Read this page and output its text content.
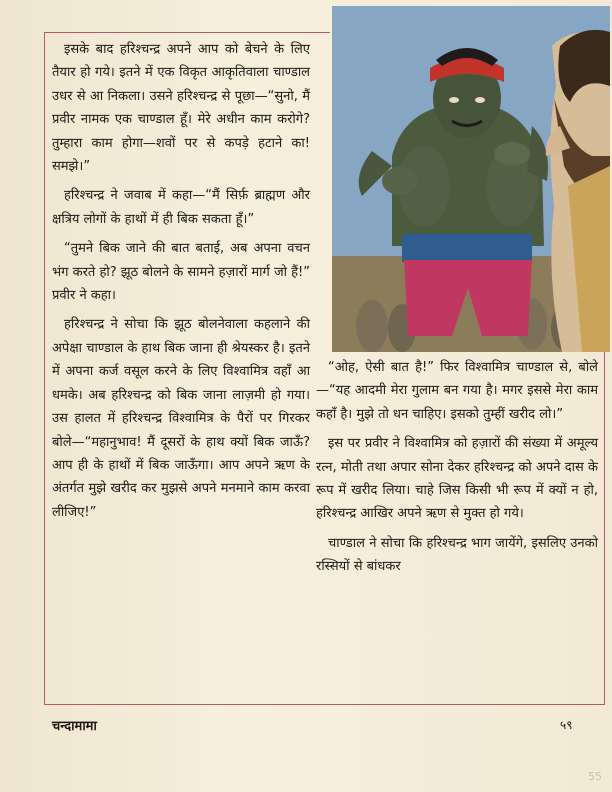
इसके बाद हरिश्चन्द्र अपने आप को बेचने के लिए तैयार हो गये। इतने में एक विकृत आकृतिवाला चाण्डाल उधर से आ निकला। उसने हरिश्चन्द्र से पूछा—“सुनो, मैं प्रवीर नामक एक चाण्डाल हूँ। मेरे अधीन काम करोगे? तुम्हारा काम होगा—शवों पर से कपड़े हटाने का! समझे।”

हरिश्चन्द्र ने जवाब में कहा—“मैं सिर्फ़ ब्राह्मण और क्षत्रिय लोगों के हाथों में ही बिक सकता हूँ।”

“तुमने बिक जाने की बात बताई, अब अपना वचन भंग करते हो? झूठ बोलने के सामने हज़ारों मार्ग जो हैं!” प्रवीर ने कहा।

हरिश्चन्द्र ने सोचा कि झूठ बोलनेवाला कहलाने की अपेक्षा चाण्डाल के हाथ बिक जाना ही श्रेयस्कर है। इतने में अपना कर्ज वसूल करने के लिए विश्वामित्र वहाँ आ धमके। अब हरिश्चन्द्र को बिक जाना लाज़मी हो गया। उस हालत में हरिश्चन्द्र विश्वामित्र के पैरों पर गिरकर बोले—“महानुभाव! मैं दूसरों के हाथ क्यों बिक जाऊँ? आप ही के हाथों में बिक जाऊँगा। आप अपने ऋण के अंतर्गत मुझे खरीद कर मुझसे अपने मनमाने काम करवा लीजिए!”

“ओह, ऐसी बात है!” फिर विश्वामित्र चाण्डाल से, बोले—“यह आदमी मेरा गुलाम बन गया है। मगर इससे मेरा काम कहाँ है। मुझे तो धन चाहिए। इसको तुम्हीं खरीद लो।”

इस पर प्रवीर ने विश्वामित्र को हज़ारों की संख्या में अमूल्य रत्न, मोती तथा अपार सोना देकर हरिश्चन्द्र को अपने दास के रूप में खरीद लिया। चाहे जिस किसी भी रूप में क्यों न हो, हरिश्चन्द्र आखिर अपने ऋण से मुक्त हो गये।

चाण्डाल ने सोचा कि हरिश्चन्द्र भाग जायेंगे, इसलिए उनको रस्सियों से बांधकर

चन्दामामा	५९
55
